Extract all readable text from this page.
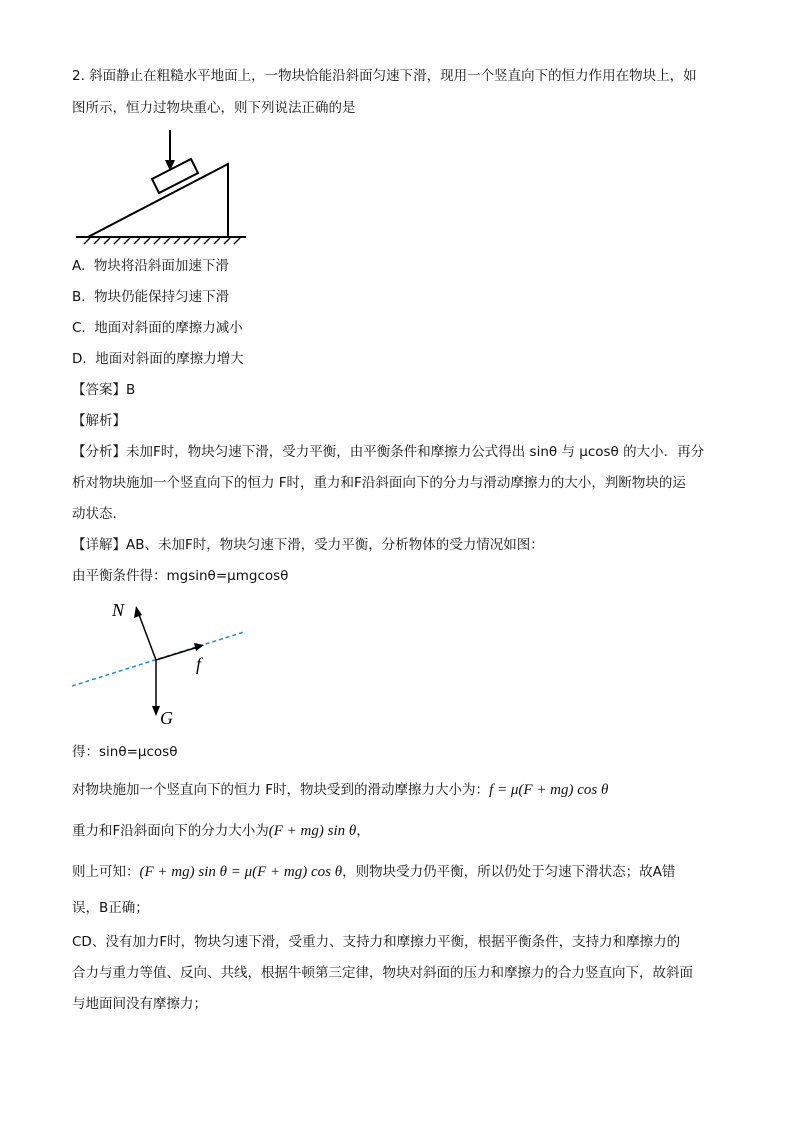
2. 斜面静止在粗糙水平地面上，一物块恰能沿斜面匀速下滑，现用一个竖直向下的恒力作用在物块上，如
图所示，恒力过物块重心，则下列说法正确的是
A. 物块将沿斜面加速下滑
B. 物块仍能保持匀速下滑
C. 地面对斜面的摩擦力减小
D. 地面对斜面的摩擦力增大
【答案】B
【解析】
【分析】未加F时，物块匀速下滑，受力平衡，由平衡条件和摩擦力公式得出 sinθ 与 μcosθ 的大小．再分
析对物块施加一个竖直向下的恒力 F时，重力和F沿斜面向下的分力与滑动摩擦力的大小，判断物块的运
动状态．
【详解】AB、未加F时，物块匀速下滑，受力平衡，分析物体的受力情况如图：
由平衡条件得：mgsinθ=μmgcosθ
N
f
G
得：sinθ=μcosθ
对物块施加一个竖直向下的恒力 F时，物块受到的滑动摩擦力大小为：f = μ(F + mg) cos θ
重力和F沿斜面向下的分力大小为(F + mg) sin θ，
则上可知：(F + mg) sin θ = μ(F + mg) cos θ，则物块受力仍平衡，所以仍处于匀速下滑状态；故A错
误，B正确；
CD、没有加力F时，物块匀速下滑，受重力、支持力和摩擦力平衡，根据平衡条件，支持力和摩擦力的
合力与重力等值、反向、共线，根据牛顿第三定律，物块对斜面的压力和摩擦力的合力竖直向下，故斜面
与地面间没有摩擦力；
